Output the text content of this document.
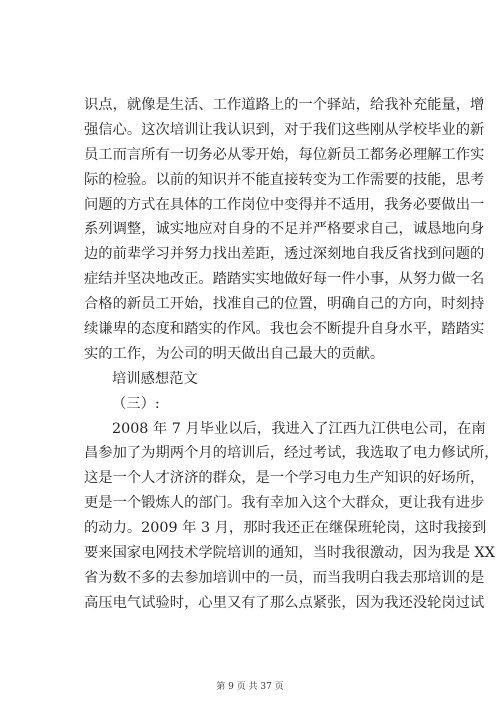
识点，就像是生活、工作道路上的一个驿站，给我补充能量，增
强信心。这次培训让我认识到，对于我们这些刚从学校毕业的新
员工而言所有一切务必从零开始，每位新员工都务必理解工作实
际的检验。以前的知识并不能直接转变为工作需要的技能，思考
问题的方式在具体的工作岗位中变得并不适用，我务必要做出一
系列调整，诚实地应对自身的不足并严格要求自己，诚恳地向身
边的前辈学习并努力找出差距，透过深刻地自我反省找到问题的
症结并坚决地改正。踏踏实实地做好每一件小事，从努力做一名
合格的新员工开始，找准自己的位置，明确自己的方向，时刻持
续谦卑的态度和踏实的作风。我也会不断提升自身水平，踏踏实
实的工作，为公司的明天做出自己最大的贡献。
培训感想范文
（三）:
2008 年 7 月毕业以后，我进入了江西九江供电公司，在南
昌参加了为期两个月的培训后，经过考试，我选取了电力修试所，
这是一个人才济济的群众，是一个学习电力生产知识的好场所，
更是一个锻炼人的部门。我有幸加入这个大群众，更让我有进步
的动力。2009 年 3 月，那时我还正在继保班轮岗，这时我接到
要来国家电网技术学院培训的通知，当时我很激动，因为我是 XX
省为数不多的去参加培训中的一员，而当我明白我去那培训的是
高压电气试验时，心里又有了那么点紧张，因为我还没轮岗过试
第 9 页 共 37 页
